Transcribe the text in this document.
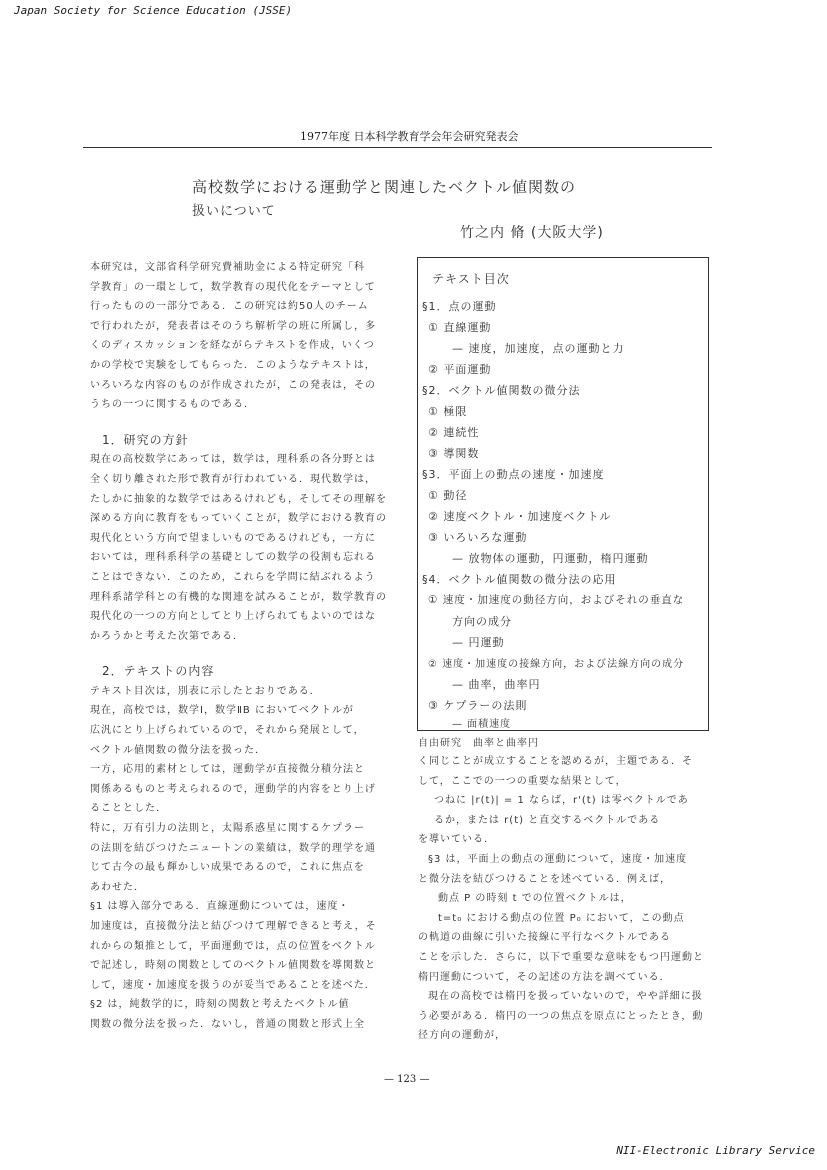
Japan Society for Science Education (JSSE)
1977年度 日本科学教育学会年会研究発表会
高校数学における運動学と関連したベクトル値関数の
扱いについて
竹之内 脩 (大阪大学)

本研究は，文部省科学研究費補助金による特定研究「科

学教育」の一環として，数学教育の現代化をテーマとして

行ったものの一部分である．この研究は約50人のチーム

で行われたが，発表者はそのうち解析学の班に所属し，多

くのディスカッションを経ながらテキストを作成，いくつ

かの学校で実験をしてもらった．このようなテキストは，

いろいろな内容のものが作成されたが，この発表は，その

うちの一つに関するものである．

1．研究の方針

現在の高校数学にあっては，数学は，理科系の各分野とは

全く切り離された形で教育が行われている．現代数学は，

たしかに抽象的な数学ではあるけれども，そしてその理解を

深める方向に教育をもっていくことが，数学における教育の

現代化という方向で望ましいものであるけれども，一方に

おいては，理科系科学の基礎としての数学の役割も忘れる

ことはできない．このため，これらを学問に結ぶれるよう

理科系諸学科との有機的な関連を試みることが，数学教育の

現代化の一つの方向としてとり上げられてもよいのではな

かろうかと考えた次第である．

2．テキストの内容

テキスト目次は，別表に示したとおりである．

現在，高校では，数学Ⅰ，数学ⅡB においてベクトルが

広汎にとり上げられているので，それから発展として，

ベクトル値関数の微分法を扱った．

一方，応用的素材としては，運動学が直接微分積分法と

関係あるものと考えられるので，運動学的内容をとり上げ

ることとした．

特に，万有引力の法則と，太陽系惑星に関するケプラー

の法則を結びつけたニュートンの業績は，数学的理学を通

じて古今の最も輝かしい成果であるので，これに焦点を

あわせた．

§1 は導入部分である．直線運動については，速度・

加速度は，直接微分法と結びつけて理解できると考え，そ

れからの類推として，平面運動では，点の位置をベクトル

で記述し，時刻の関数としてのベクトル値関数を導関数と

して，速度・加速度を扱うのが妥当であることを述べた．

§2 は，純数学的に，時刻の関数と考えたベクトル値

関数の微分法を扱った．ないし，普通の関数と形式上全

テキスト目次
§1．点の運動
① 直線運動
— 速度，加速度，点の運動と力
② 平面運動
§2．ベクトル値関数の微分法
① 極限
② 連続性
③ 導関数
§3．平面上の動点の速度・加速度
① 動径
② 速度ベクトル・加速度ベクトル
③ いろいろな運動
— 放物体の運動，円運動，楕円運動
§4．ベクトル値関数の微分法の応用
① 速度・加速度の動径方向，およびそれの垂直な
方向の成分
— 円運動
② 速度・加速度の接線方向，および法線方向の成分
— 曲率，曲率円
③ ケプラーの法則
— 面積速度
自由研究　曲率と曲率円

く同じことが成立することを認めるが，主題である．そ

して，ここでの一つの重要な結果として，

つねに |r(t)| = 1 ならば，r'(t) は零ベクトルであ

るか，または r(t) と直交するベクトルである

を導いている．

§3 は，平面上の動点の運動について，速度・加速度

と微分法を結びつけることを述べている．例えば，

動点 P の時刻 t での位置ベクトルは，

t=t₀ における動点の位置 P₀ において，この動点

の軌道の曲線に引いた接線に平行なベクトルである

ことを示した．さらに，以下で重要な意味をもつ円運動と

楕円運動について，その記述の方法を調べている．

現在の高校では楕円を扱っていないので，やや詳細に扱

う必要がある．楕円の一つの焦点を原点にとったとき，動

径方向の運動が，

— 123 —
NII-Electronic Library Service
